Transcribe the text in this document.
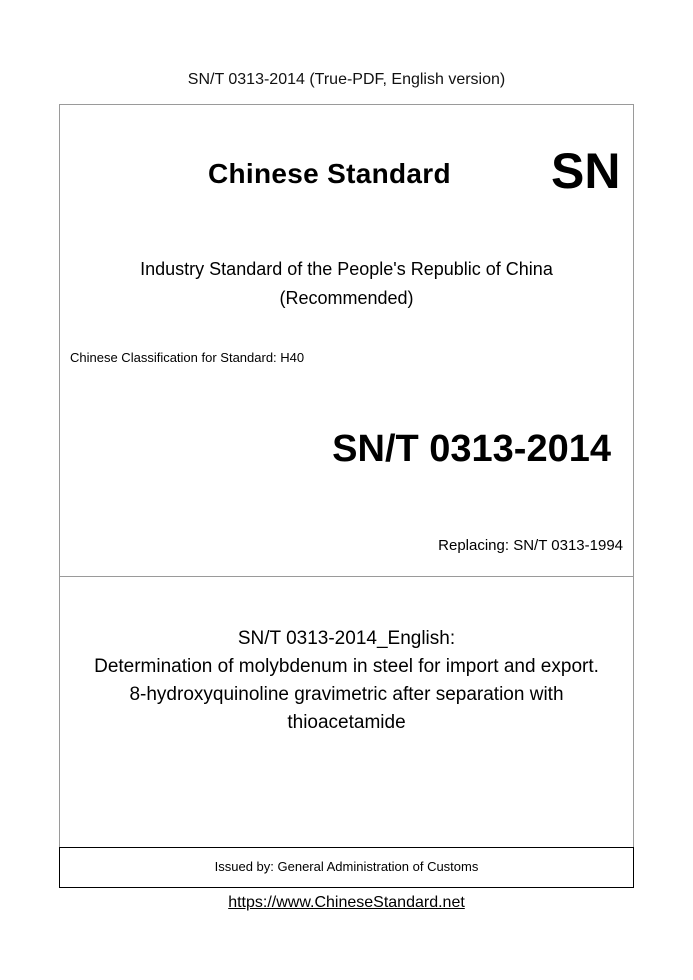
SN/T 0313-2014 (True-PDF, English version)
Chinese Standard SN
Industry Standard of the People's Republic of China
(Recommended)
Chinese Classification for Standard: H40
SN/T 0313-2014
Replacing: SN/T 0313-1994
SN/T 0313-2014_English:
Determination of molybdenum in steel for import and export.
8-hydroxyquinoline gravimetric after separation with
thioacetamide
Issued by: General Administration of Customs
https://www.ChineseStandard.net
